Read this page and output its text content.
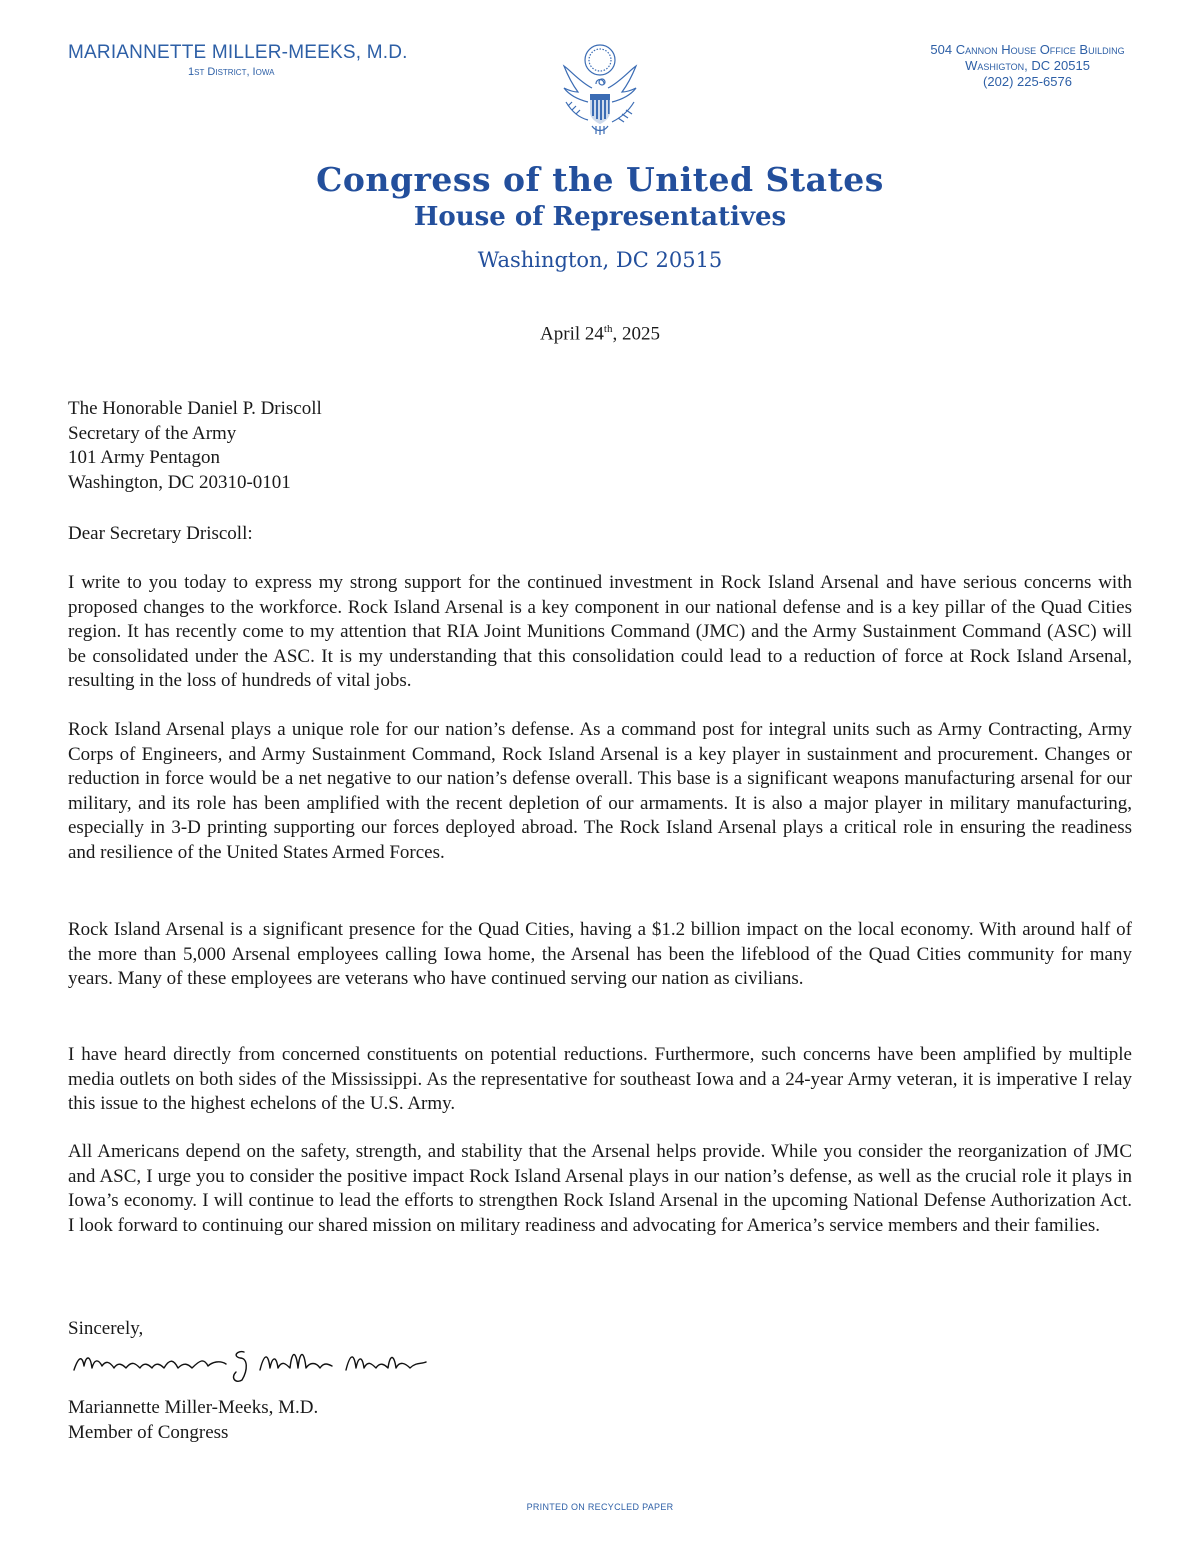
MARIANNETTE MILLER-MEEKS, M.D.
1st District, Iowa
504 Cannon House Office Building
Washigton, DC 20515
(202) 225-6576
Congress of the United States
House of Representatives
Washington, DC 20515
April 24th, 2025
The Honorable Daniel P. Driscoll
Secretary of the Army
101 Army Pentagon
Washington, DC 20310-0101
Dear Secretary Driscoll:

I write to you today to express my strong support for the continued investment in Rock Island Arsenal and have serious concerns with proposed changes to the workforce. Rock Island Arsenal is a key component in our national defense and is a key pillar of the Quad Cities region. It has recently come to my attention that RIA Joint Munitions Command (JMC) and the Army Sustainment Command (ASC) will be consolidated under the ASC. It is my understanding that this consolidation could lead to a reduction of force at Rock Island Arsenal, resulting in the loss of hundreds of vital jobs.

Rock Island Arsenal plays a unique role for our nation’s defense. As a command post for integral units such as Army Contracting, Army Corps of Engineers, and Army Sustainment Command, Rock Island Arsenal is a key player in sustainment and procurement. Changes or reduction in force would be a net negative to our nation’s defense overall. This base is a significant weapons manufacturing arsenal for our military, and its role has been amplified with the recent depletion of our armaments. It is also a major player in military manufacturing, especially in 3-D printing supporting our forces deployed abroad. The Rock Island Arsenal plays a critical role in ensuring the readiness and resilience of the United States Armed Forces.

Rock Island Arsenal is a significant presence for the Quad Cities, having a $1.2 billion impact on the local economy. With around half of the more than 5,000 Arsenal employees calling Iowa home, the Arsenal has been the lifeblood of the Quad Cities community for many years. Many of these employees are veterans who have continued serving our nation as civilians.

I have heard directly from concerned constituents on potential reductions. Furthermore, such concerns have been amplified by multiple media outlets on both sides of the Mississippi. As the representative for southeast Iowa and a 24-year Army veteran, it is imperative I relay this issue to the highest echelons of the U.S. Army.

All Americans depend on the safety, strength, and stability that the Arsenal helps provide. While you consider the reorganization of JMC and ASC, I urge you to consider the positive impact Rock Island Arsenal plays in our nation’s defense, as well as the crucial role it plays in Iowa’s economy. I will continue to lead the efforts to strengthen Rock Island Arsenal in the upcoming National Defense Authorization Act. I look forward to continuing our shared mission on military readiness and advocating for America’s service members and their families.

Sincerely,
Mariannette Miller-Meeks, M.D.
Member of Congress
PRINTED ON RECYCLED PAPER
